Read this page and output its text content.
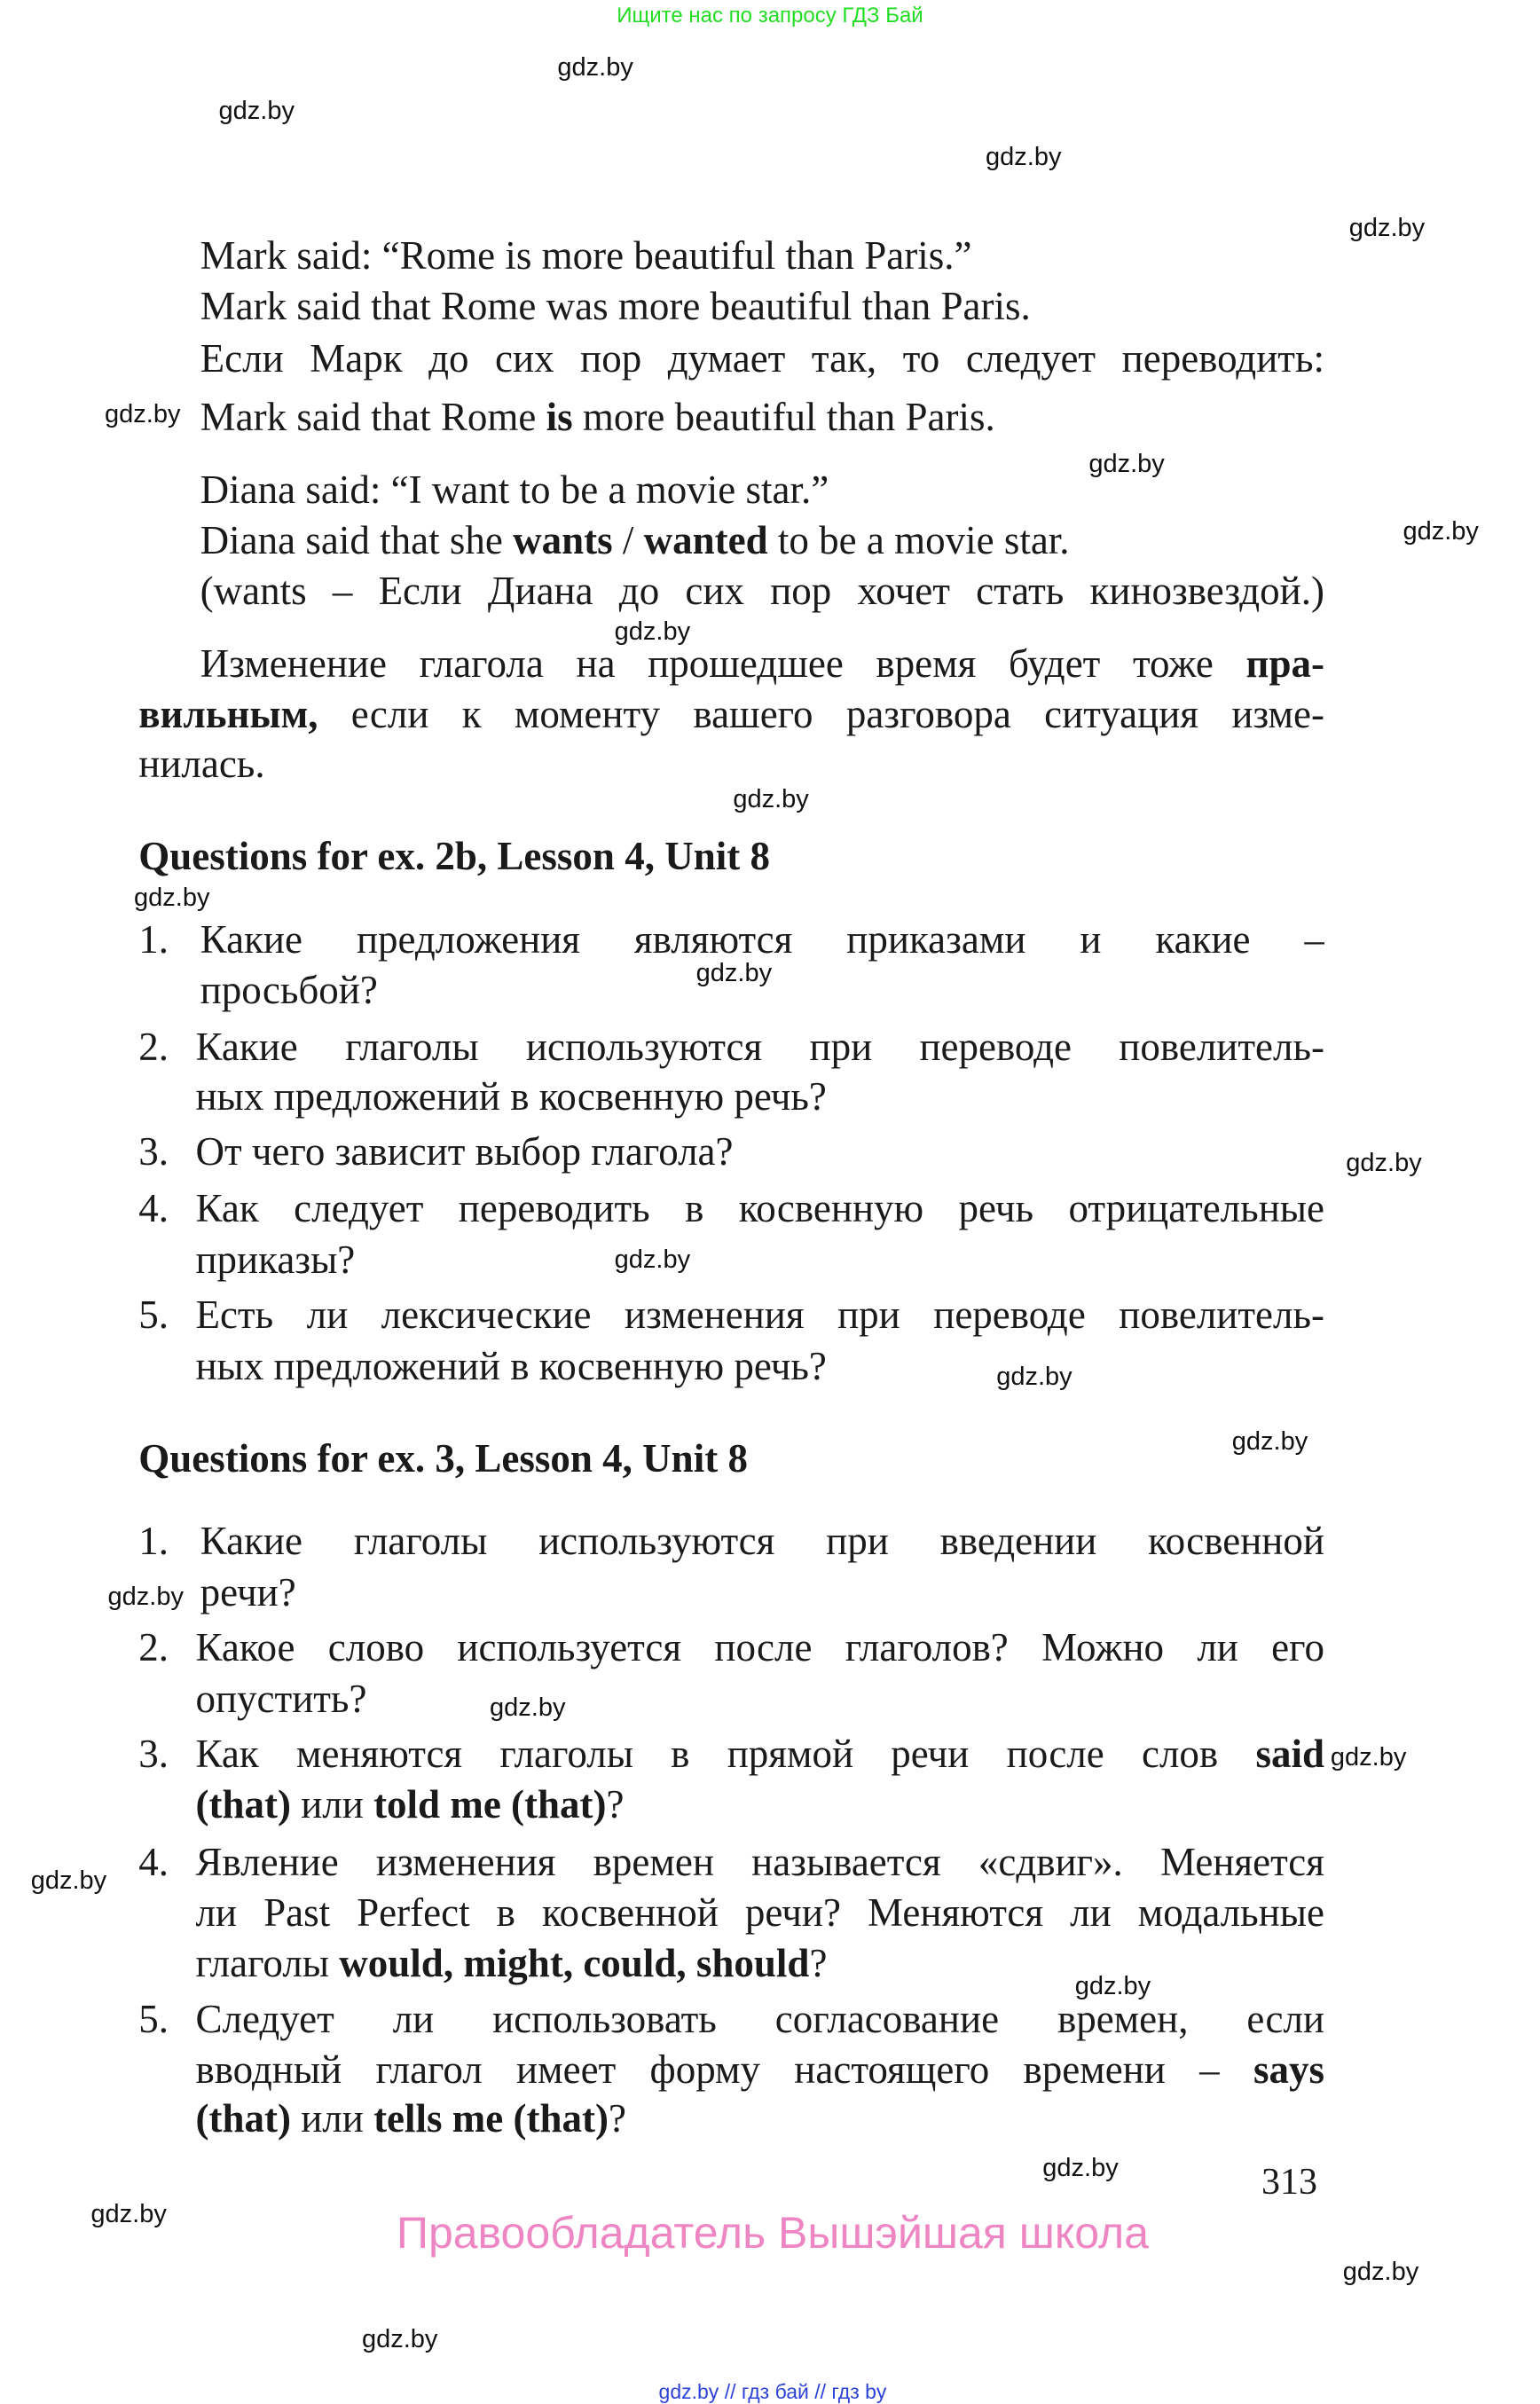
Ищите нас по запросу ГДЗ Бай
Mark said: “Rome is more beautiful than Paris.”
Mark said that Rome was more beautiful than Paris.
Если Марк до сих пор думает так, то следует переводить:
Mark said that Rome is more beautiful than Paris.
Diana said: “I want to be a movie star.”
Diana said that she wants / wanted to be a movie star.
(wants – Если Диана до сих пор хочет стать кинозвездой.)
Изменение глагола на прошедшее время будет тоже пра-
вильным, если к моменту вашего разговора ситуация изме-
нилась.
Questions for ex. 2b, Lesson 4, Unit 8
Какие предложения являются приказами и какие –
просьбой?
Какие глаголы используются при переводе повелитель-
ных предложений в косвенную речь?
От чего зависит выбор глагола?
Как следует переводить в косвенную речь отрицательные
приказы?
Есть ли лексические изменения при переводе повелитель-
ных предложений в косвенную речь?
Questions for ex. 3, Lesson 4, Unit 8
Какие глаголы используются при введении косвенной
речи?
Какое слово используется после глаголов? Можно ли его
опустить?
Как меняются глаголы в прямой речи после слов said
(that) или told me (that)?
Явление изменения времен называется «сдвиг». Меняется
ли Past Perfect в косвенной речи? Меняются ли модальные
глаголы would, might, could, should?
Следует ли использовать согласование времен, если
вводный глагол имеет форму настоящего времени – says
(that) или tells me (that)?
1.
2.
3.
4.
5.
1.
2.
3.
4.
5.
gdz.by
gdz.by
gdz.by
gdz.by
gdz.by
gdz.by
gdz.by
gdz.by
gdz.by
gdz.by
gdz.by
gdz.by
gdz.by
gdz.by
gdz.by
gdz.by
gdz.by
gdz.by
gdz.by
gdz.by
gdz.by
gdz.by
gdz.by
gdz.by
313
Правообладатель Вышэйшая школа
gdz.by // гдз бай // гдз by
